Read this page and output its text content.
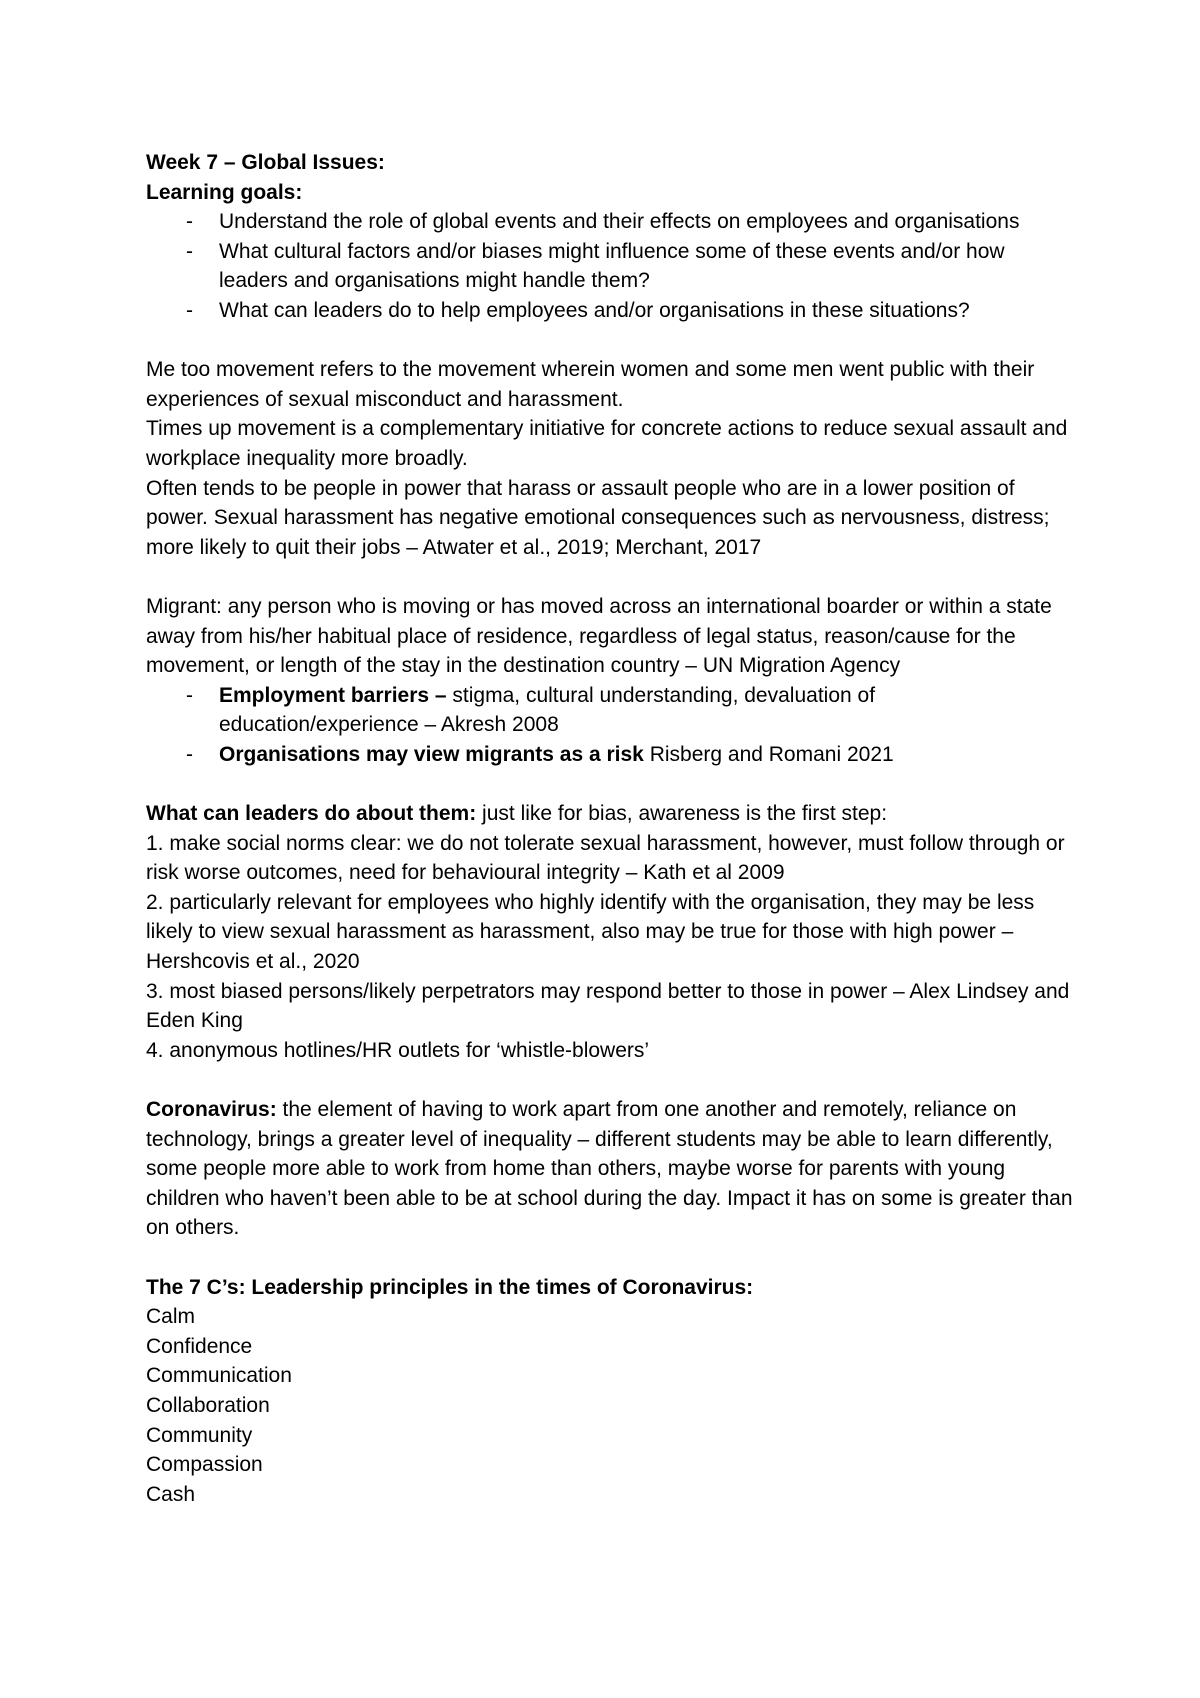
Week 7 – Global Issues:
Learning goals:
- Understand the role of global events and their effects on employees and organisations
- What cultural factors and/or biases might influence some of these events and/or how leaders and organisations might handle them?
- What can leaders do to help employees and/or organisations in these situations?
Me too movement refers to the movement wherein women and some men went public with their experiences of sexual misconduct and harassment.
Times up movement is a complementary initiative for concrete actions to reduce sexual assault and workplace inequality more broadly.
Often tends to be people in power that harass or assault people who are in a lower position of power. Sexual harassment has negative emotional consequences such as nervousness, distress; more likely to quit their jobs – Atwater et al., 2019; Merchant, 2017
Migrant: any person who is moving or has moved across an international boarder or within a state away from his/her habitual place of residence, regardless of legal status, reason/cause for the movement, or length of the stay in the destination country – UN Migration Agency
- Employment barriers – stigma, cultural understanding, devaluation of education/experience – Akresh 2008
- Organisations may view migrants as a risk Risberg and Romani 2021
What can leaders do about them: just like for bias, awareness is the first step:
1. make social norms clear: we do not tolerate sexual harassment, however, must follow through or risk worse outcomes, need for behavioural integrity – Kath et al 2009
2. particularly relevant for employees who highly identify with the organisation, they may be less likely to view sexual harassment as harassment, also may be true for those with high power – Hershcovis et al., 2020
3. most biased persons/likely perpetrators may respond better to those in power – Alex Lindsey and Eden King
4. anonymous hotlines/HR outlets for ‘whistle-blowers’
Coronavirus: the element of having to work apart from one another and remotely, reliance on technology, brings a greater level of inequality – different students may be able to learn differently, some people more able to work from home than others, maybe worse for parents with young children who haven’t been able to be at school during the day. Impact it has on some is greater than on others.
The 7 C’s: Leadership principles in the times of Coronavirus:
Calm
Confidence
Communication
Collaboration
Community
Compassion
Cash
